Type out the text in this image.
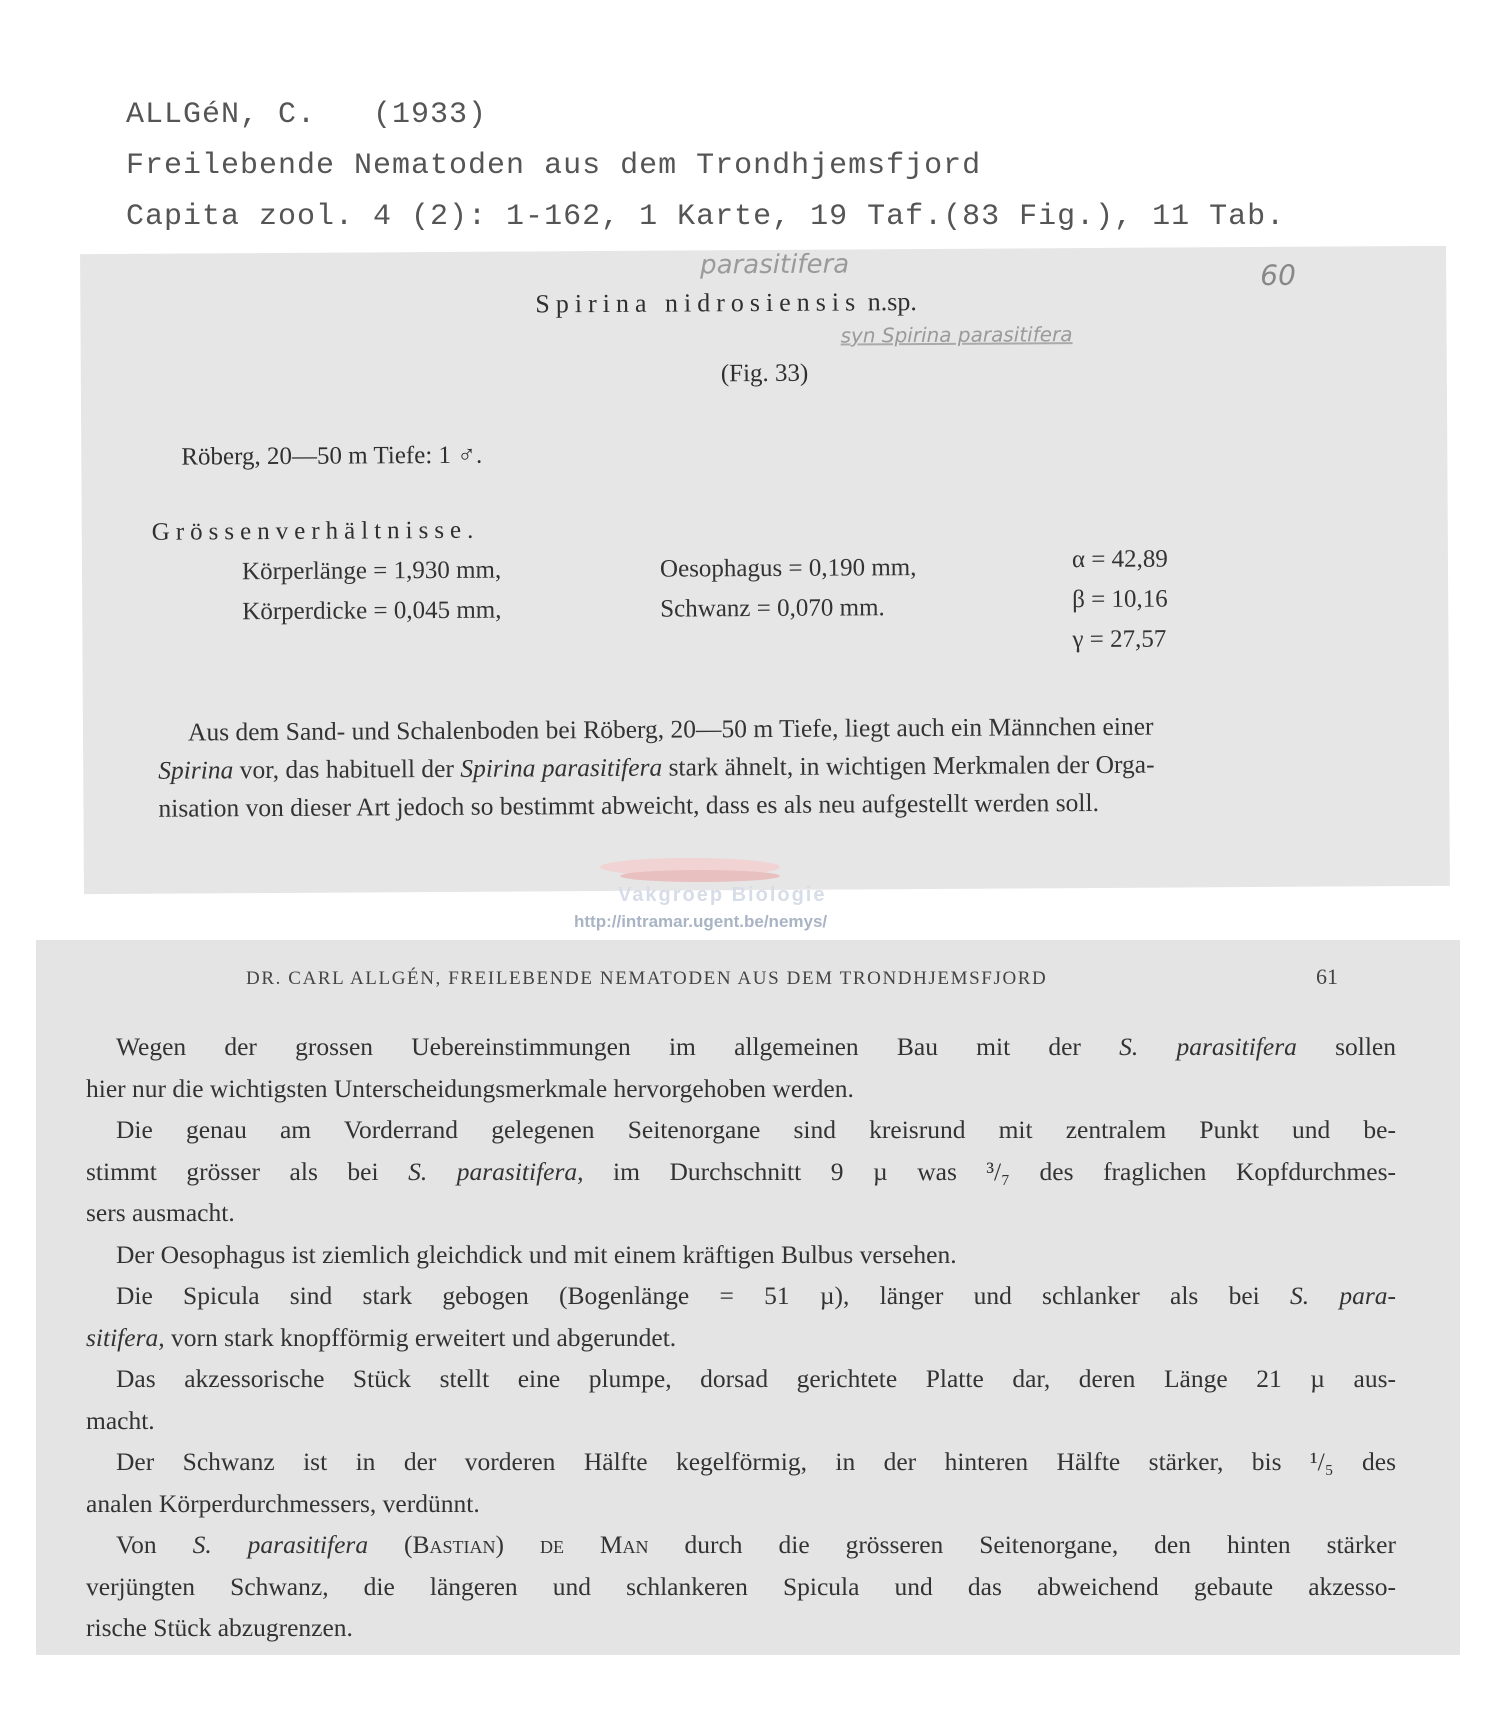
ALLGéN, C. (1933)
Freilebende Nematoden aus dem Trondhjemsfjord
Capita zool. 4 (2): 1-162, 1 Karte, 19 Taf.(83 Fig.), 11 Tab.
parasitifera	60
Spirina nidrosiensis n.sp.
syn Spirina parasitifera
(Fig. 33)
Röberg, 20—50 m Tiefe: 1 ♂.
Grössenverhältnisse.
Körperlänge = 1,930 mm,
Körperdicke = 0,045 mm,
Oesophagus = 0,190 mm,
Schwanz = 0,070 mm.
α = 42,89
β = 10,16
γ = 27,57
Aus dem Sand- und Schalenboden bei Röberg, 20—50 m Tiefe, liegt auch ein Männchen einer
Spirina vor, das habituell der Spirina parasitifera stark ähnelt, in wichtigen Merkmalen der Orga-
nisation von dieser Art jedoch so bestimmt abweicht, dass es als neu aufgestellt werden soll.
Vakgroep Biologie
http://intramar.ugent.be/nemys/
DR. CARL ALLGÉN, FREILEBENDE NEMATODEN AUS DEM TRONDHJEMSFJORD	61
Wegen der grossen Uebereinstimmungen im allgemeinen Bau mit der S. parasitifera sollen
hier nur die wichtigsten Unterscheidungsmerkmale hervorgehoben werden.
Die genau am Vorderrand gelegenen Seitenorgane sind kreisrund mit zentralem Punkt und be-
stimmt grösser als bei S. parasitifera, im Durchschnitt 9 µ was ³/₇ des fraglichen Kopfdurchmes-
sers ausmacht.
Der Oesophagus ist ziemlich gleichdick und mit einem kräftigen Bulbus versehen.
Die Spicula sind stark gebogen (Bogenlänge = 51 µ), länger und schlanker als bei S. para-
sitifera, vorn stark knopfförmig erweitert und abgerundet.
Das akzessorische Stück stellt eine plumpe, dorsad gerichtete Platte dar, deren Länge 21 µ aus-
macht.
Der Schwanz ist in der vorderen Hälfte kegelförmig, in der hinteren Hälfte stärker, bis ¹/₅ des
analen Körperdurchmessers, verdünnt.
Von S. parasitifera (Bastian) de Man durch die grösseren Seitenorgane, den hinten stärker
verjüngten Schwanz, die längeren und schlankeren Spicula und das abweichend gebaute akzesso-
rische Stück abzugrenzen.
